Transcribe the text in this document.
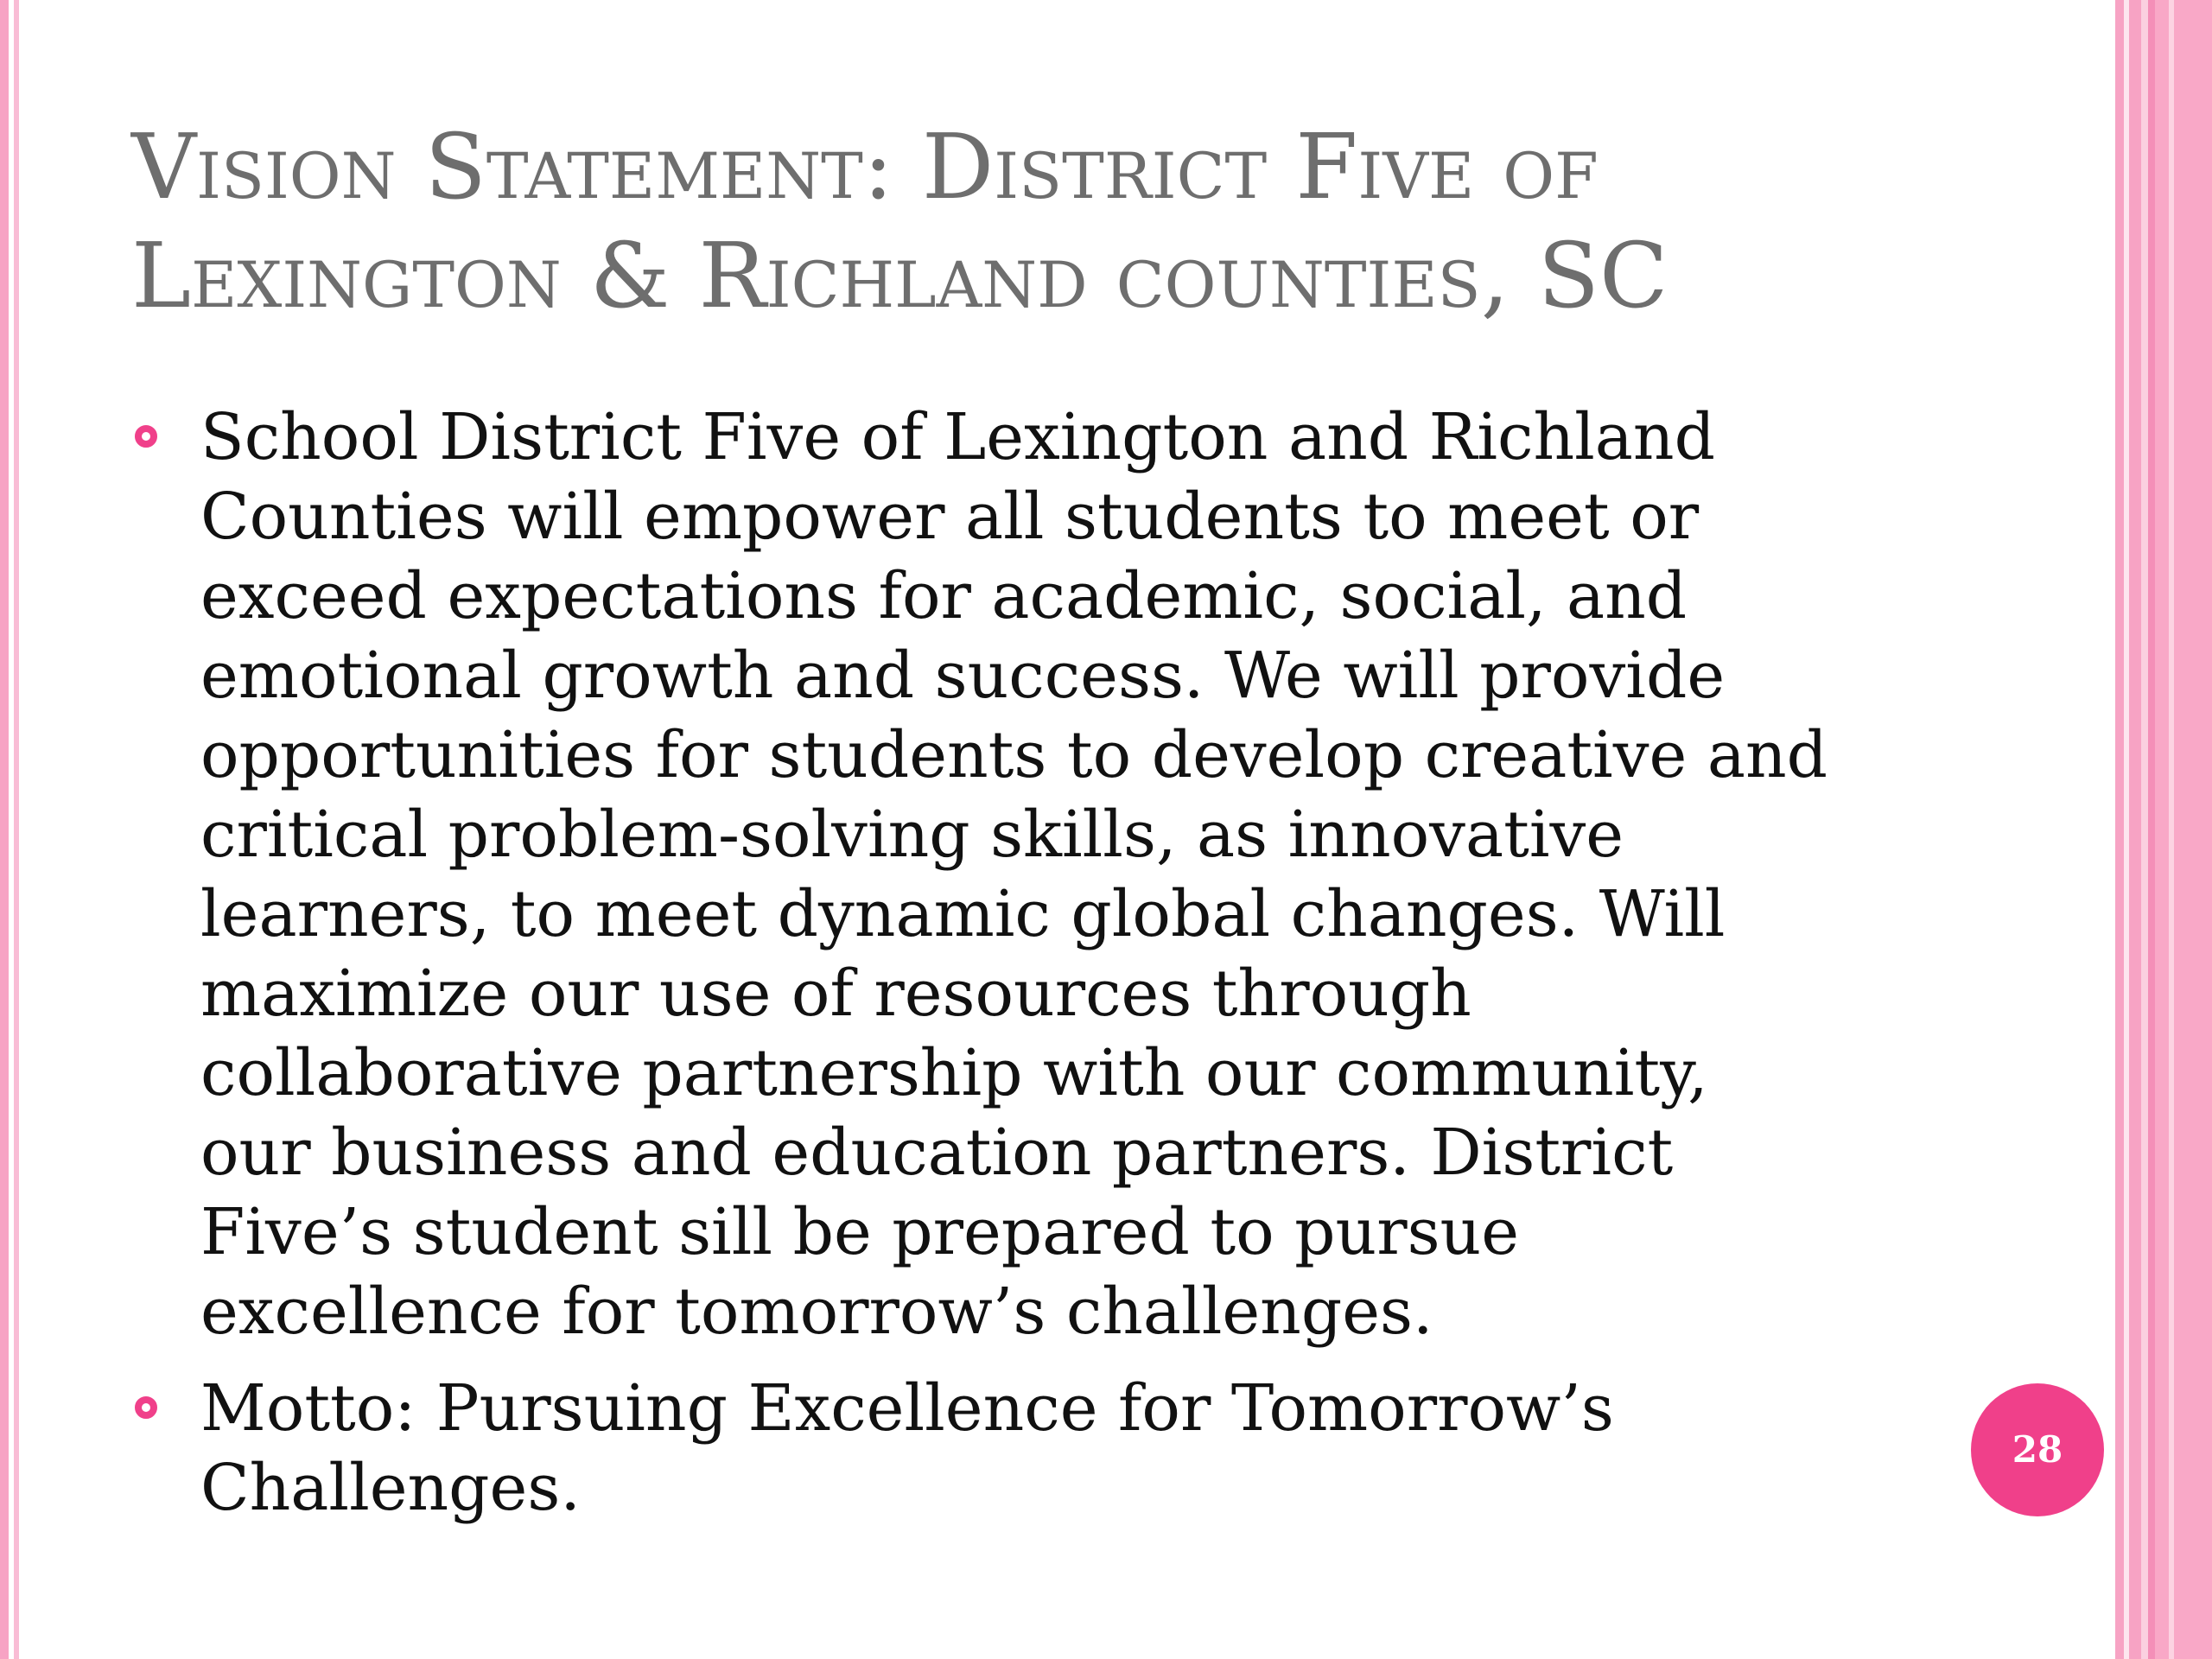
Vision Statement: District Five of
Lexington & Richland counties, SC
School District Five of Lexington and Richland
Counties will empower all students to meet or
exceed expectations for academic, social, and
emotional growth and success. We will provide
opportunities for students to develop creative and
critical problem-solving skills, as innovative
learners, to meet dynamic global changes. Will
maximize our use of resources through
collaborative partnership with our community,
our business and education partners. District
Five’s student sill be prepared to pursue
excellence for tomorrow’s challenges.
Motto: Pursuing Excellence for Tomorrow’s
Challenges.
28
